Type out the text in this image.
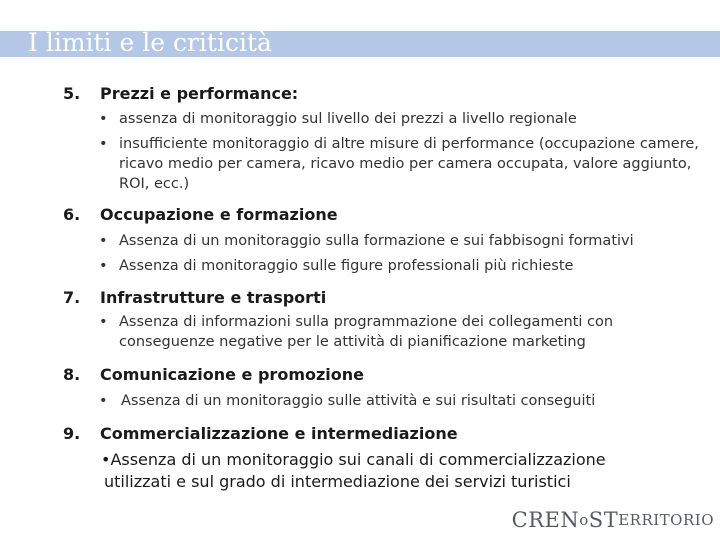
I limiti e le criticità
5. Prezzi e performance:
• assenza di monitoraggio sul livello dei prezzi a livello regionale
• insufficiente monitoraggio di altre misure di performance (occupazione camere, ricavo medio per camera, ricavo medio per camera occupata, valore aggiunto, ROI, ecc.)
6. Occupazione e formazione
• Assenza di un monitoraggio sulla formazione e sui fabbisogni formativi
• Assenza di monitoraggio sulle figure professionali più richieste
7. Infrastrutture e trasporti
• Assenza di informazioni sulla programmazione dei collegamenti con conseguenze negative per le attività di pianificazione marketing
8. Comunicazione e promozione
• Assenza di un monitoraggio sulle attività e sui risultati conseguiti
9. Commercializzazione e intermediazione
•Assenza di un monitoraggio sui canali di commercializzazione
utilizzati e sul grado di intermediazione dei servizi turistici
CRE N o S T ERRITORIO
